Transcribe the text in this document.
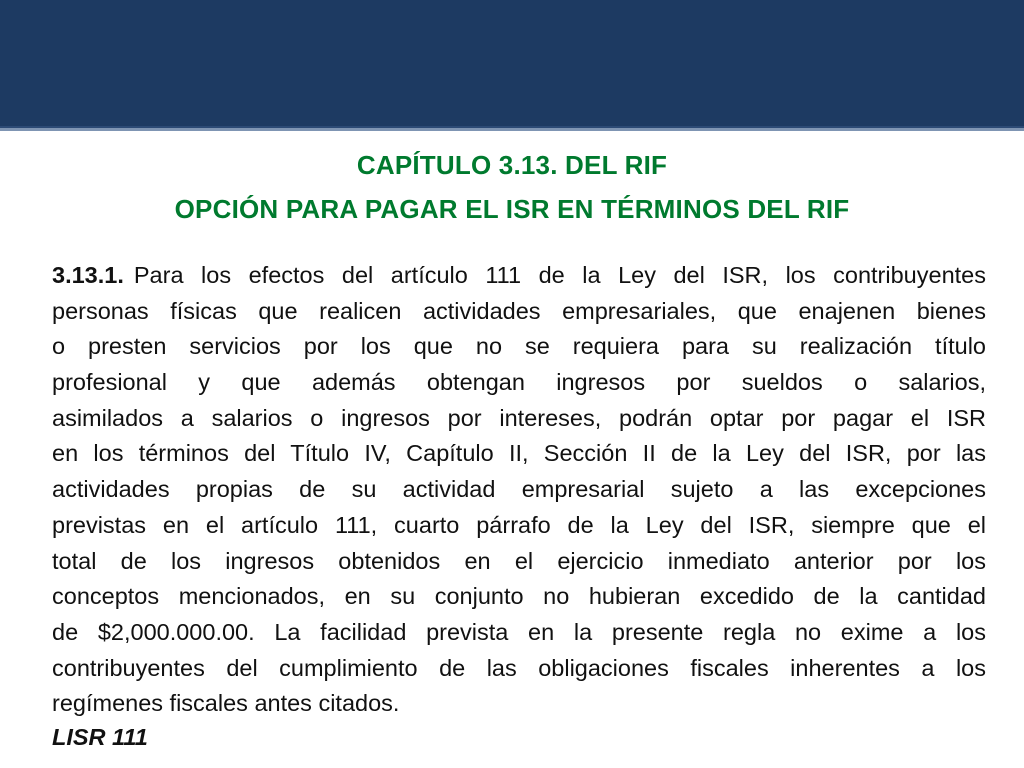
CAPÍTULO 3.13. DEL RIF
OPCIÓN PARA PAGAR EL ISR EN TÉRMINOS DEL RIF
3.13.1. Para los efectos del artículo 111 de la Ley del ISR, los contribuyentes
personas físicas que realicen actividades empresariales, que enajenen bienes
o presten servicios por los que no se requiera para su realización título
profesional y que además obtengan ingresos por sueldos o salarios,
asimilados a salarios o ingresos por intereses, podrán optar por pagar el ISR
en los términos del Título IV, Capítulo II, Sección II de la Ley del ISR, por las
actividades propias de su actividad empresarial sujeto a las excepciones
previstas en el artículo 111, cuarto párrafo de la Ley del ISR, siempre que el
total de los ingresos obtenidos en el ejercicio inmediato anterior por los
conceptos mencionados, en su conjunto no hubieran excedido de la cantidad
de $2,000.000.00. La facilidad prevista en la presente regla no exime a los
contribuyentes del cumplimiento de las obligaciones fiscales inherentes a los
regímenes fiscales antes citados.
LISR 111
